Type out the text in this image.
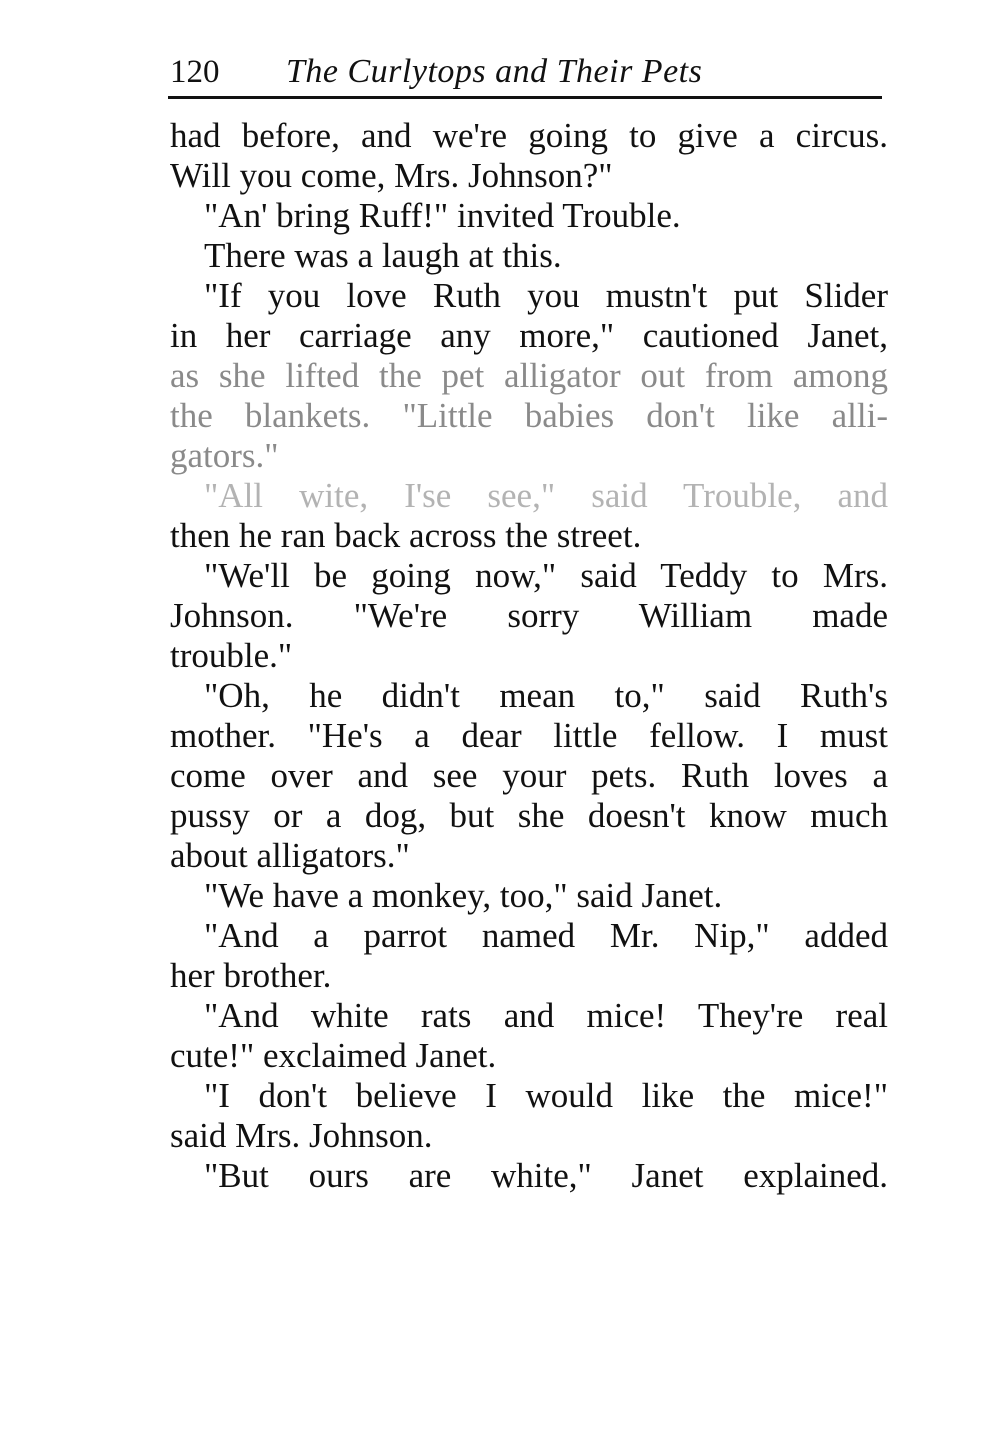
120 The Curlytops and Their Pets
had before, and we're going to give a circus.
Will you come, Mrs. Johnson?"
"An' bring Ruff!" invited Trouble.
There was a laugh at this.
"If you love Ruth you mustn't put Slider
in her carriage any more," cautioned Janet,
as she lifted the pet alligator out from among
the blankets. "Little babies don't like alli-
gators."
"All wite, I'se see," said Trouble, and
then he ran back across the street.
"We'll be going now," said Teddy to Mrs.
Johnson. "We're sorry William made
trouble."
"Oh, he didn't mean to," said Ruth's
mother. "He's a dear little fellow. I must
come over and see your pets. Ruth loves a
pussy or a dog, but she doesn't know much
about alligators."
"We have a monkey, too," said Janet.
"And a parrot named Mr. Nip," added
her brother.
"And white rats and mice! They're real
cute!" exclaimed Janet.
"I don't believe I would like the mice!"
said Mrs. Johnson.
"But ours are white," Janet explained.
